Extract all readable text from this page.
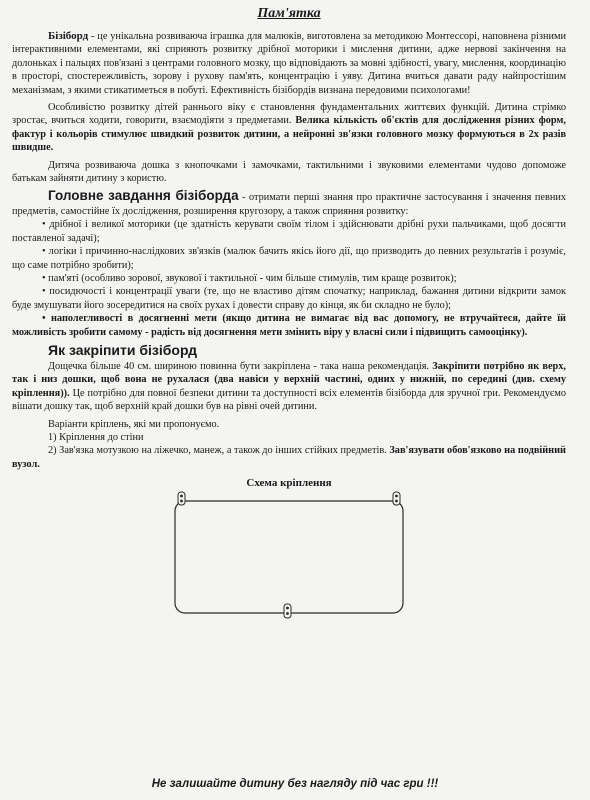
Пам'ятка

Бізіборд - це унікальна розвиваюча іграшка для малюків, виготовлена за методикою Монтессорі, наповнена різними інтерактивними елементами, які сприяють розвитку дрібної моторики і мислення дитини, адже нервові закінчення на долоньках і пальцях пов'язані з центрами головного мозку, що відповідають за мовні здібності, увагу, мислення, координацію в просторі, спостережливість, зорову і рухову пам'ять, концентрацію і уяву. Дитина вчиться давати раду найпростішим механізмам, з якими стикатиметься в побуті. Ефективність бізібордів визнана передовими психологами!

Особливістю розвитку дітей раннього віку є становлення фундаментальних життєвих функцій. Дитина стрімко зростає, вчиться ходити, говорити, взаємодіяти з предметами. Велика кількість об'єктів для дослідження різних форм, фактур і кольорів стимулює швидкий розвиток дитини, а нейронні зв'язки головного мозку формуються в 2х разів швидше.

Дитяча розвиваюча дошка з кнопочками і замочками, тактильними і звуковими елементами чудово допоможе батькам зайняти дитину з користю.

Головне завдання бізіборда - отримати перші знання про практичне застосування і значення певних предметів, самостійне їх дослідження, розширення кругозору, а також сприяння розвитку:

• дрібної і великої моторики (це здатність керувати своїм тілом і здійснювати дрібні рухи пальчиками, щоб досягти поставленої задачі);

• логіки і причинно-наслідкових зв'язків (малюк бачить якісь його дії, що призводить до певних результатів і розуміє, що саме потрібно зробити);

• пам'яті (особливо зорової, звукової і тактильної - чим більше стимулів, тим краще розвиток);

• посидючості і концентрації уваги (те, що не властиво дітям спочатку; наприклад, бажання дитини відкрити замок буде змушувати його зосередитися на своїх рухах і довести справу до кінця, як би складно не було);

• наполегливості в досягненні мети (якщо дитина не вимагає від вас допомогу, не втручайтеся, дайте їй можливість зробити самому - радість від досягнення мети змінить віру у власні сили і підвищить самооцінку).

Як закріпити бізіборд

Дощечка більше 40 см. шириною повинна бути закріплена - така наша рекомендація. Закріпити потрібно як верх, так і низ дошки, щоб вона не рухалася (два навіси у верхній частині, одних у нижній, по середині (див. схему кріплення)). Це потрібно для повної безпеки дитини та доступності всіх елементів бізіборда для зручної гри. Рекомендуємо вішати дошку так, щоб верхній край дошки був на рівні очей дитини.

Варіанти кріплень, які ми пропонуємо.

1) Кріплення до стіни

2) Зав'язка мотузкою на ліжечко, манеж, а також до інших стійких предметів. Зав'язувати обов'язково на подвійний вузол.

Схема кріплення
Не залишайте дитину без нагляду під час гри !!!
